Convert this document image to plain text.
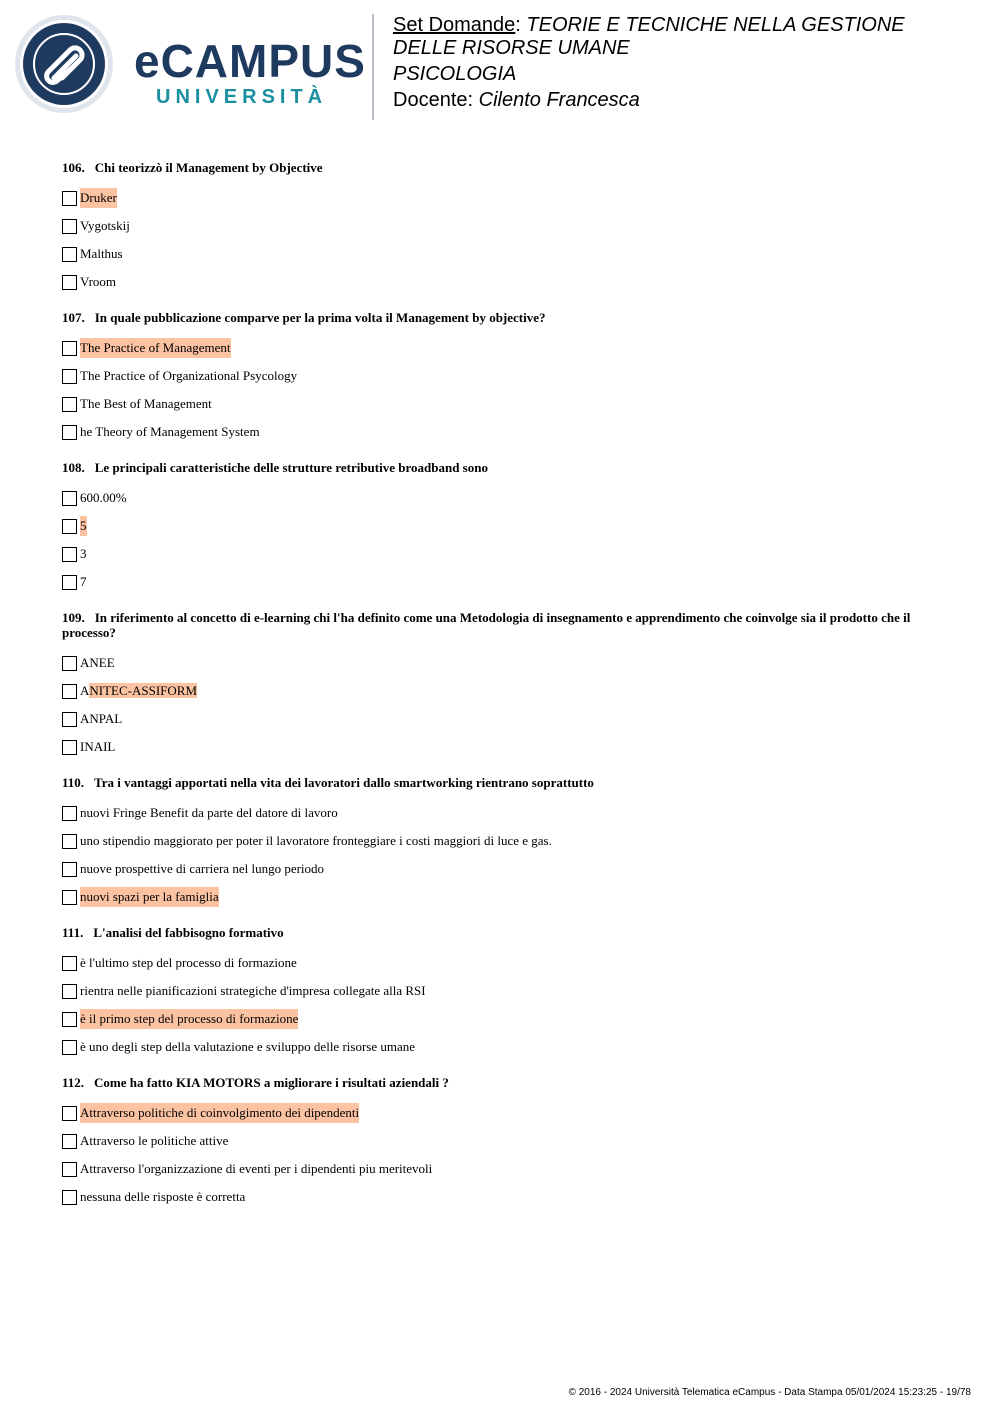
eCAMPUS
UNIVERSITÀ
Set Domande: TEORIE E TECNICHE NELLA GESTIONE DELLE RISORSE UMANE
PSICOLOGIA
Docente: Cilento Francesca
106. Chi teorizzò il Management by Objective
Druker
Vygotskij
Malthus
Vroom
107. In quale pubblicazione comparve per la prima volta il Management by objective?
The Practice of Management
The Practice of Organizational Psycology
The Best of Management
he Theory of Management System
108. Le principali caratteristiche delle strutture retributive broadband sono
600.00%
5
3
7
109. In riferimento al concetto di e-learning chi l'ha definito come una Metodologia di insegnamento e apprendimento che coinvolge sia il prodotto che il processo?
ANEE
ANITEC-ASSIFORM
ANPAL
INAIL
110. Tra i vantaggi apportati nella vita dei lavoratori dallo smartworking rientrano soprattutto
nuovi Fringe Benefit da parte del datore di lavoro
uno stipendio maggiorato per poter il lavoratore fronteggiare i costi maggiori di luce e gas.
nuove prospettive di carriera nel lungo periodo
nuovi spazi per la famiglia
111. L'analisi del fabbisogno formativo
è l'ultimo step del processo di formazione
rientra nelle pianificazioni strategiche d'impresa collegate alla RSI
è il primo step del processo di formazione
è uno degli step della valutazione e sviluppo delle risorse umane
112. Come ha fatto KIA MOTORS a migliorare i risultati aziendali ?
Attraverso politiche di coinvolgimento dei dipendenti
Attraverso le politiche attive
Attraverso l'organizzazione di eventi per i dipendenti piu meritevoli
nessuna delle risposte è corretta
© 2016 - 2024 Università Telematica eCampus - Data Stampa 05/01/2024 15:23:25 - 19/78
